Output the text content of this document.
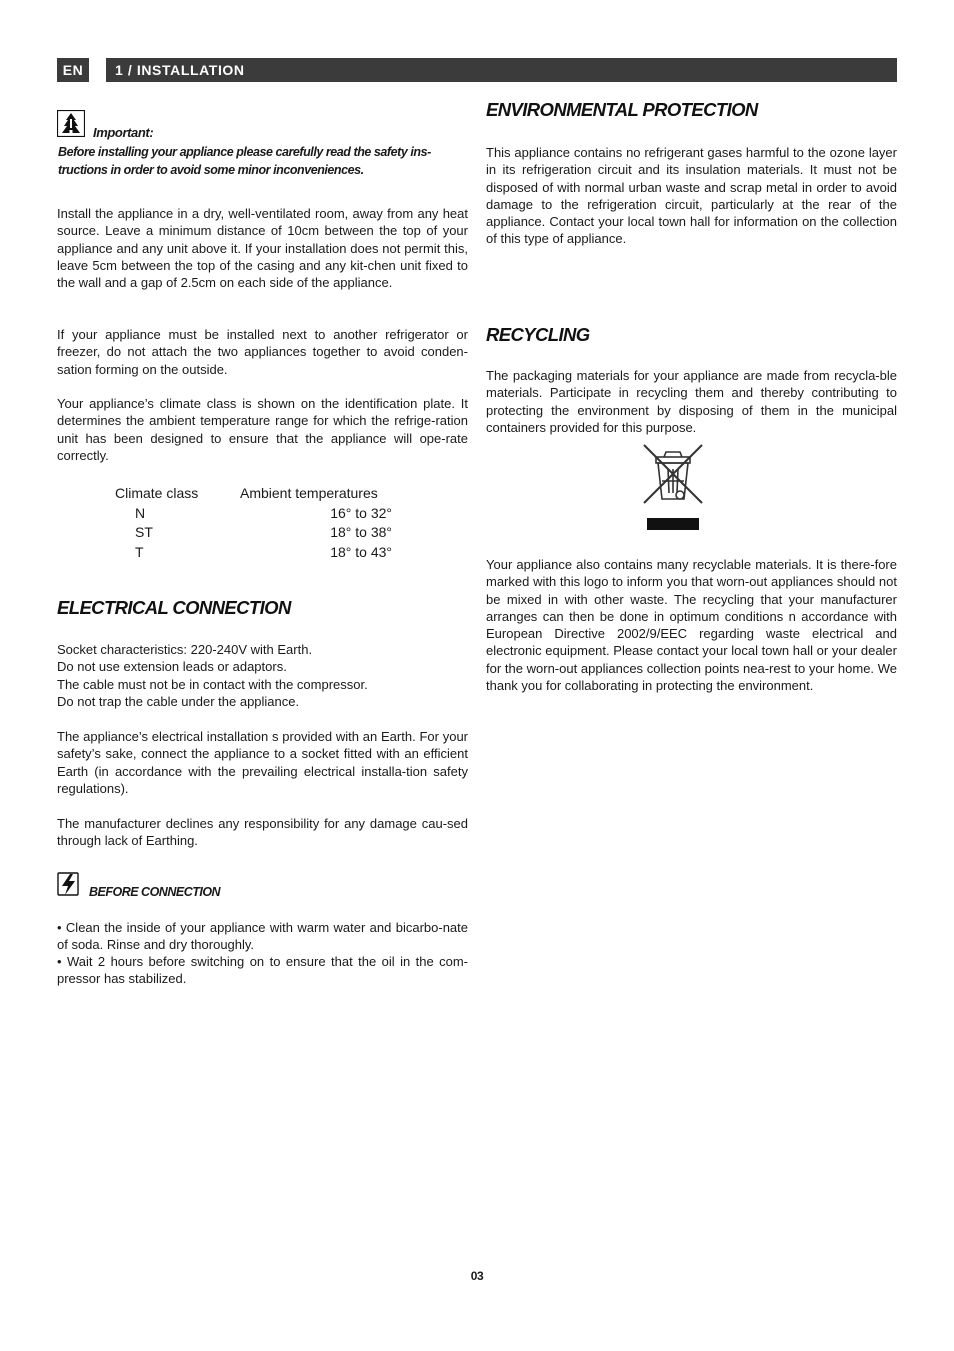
EN	1 / INSTALLATION
Important:

Before installing your appliance please carefully read the safety ins-tructions in order to avoid some minor inconveniences.

Install the appliance in a dry, well-ventilated room, away from any heat source. Leave a minimum distance of 10cm between the top of your appliance and any unit above it. If your installation does not permit this, leave 5cm between the top of the casing and any kit-chen unit fixed to the wall and a gap of 2.5cm on each side of the appliance.

If your appliance must be installed next to another refrigerator or freezer, do not attach the two appliances together to avoid conden-sation forming on the outside.

Your appliance’s climate class is shown on the identification plate. It determines the ambient temperature range for which the refrige-ration unit has been designed to ensure that the appliance will ope-rate correctly.

Climate class	Ambient temperatures
N	16° to 32°
ST	18° to 38°
T	18° to 43°
ELECTRICAL CONNECTION
Socket characteristics: 220-240V with Earth.
Do not use extension leads or adaptors.
The cable must not be in contact with the compressor.
Do not trap the cable under the appliance.

The appliance’s electrical installation s provided with an Earth. For your safety’s sake, connect the appliance to a socket fitted with an efficient Earth (in accordance with the prevailing electrical installa-tion safety regulations).

The manufacturer declines any responsibility for any damage cau-sed through lack of Earthing.

BEFORE CONNECTION

• Clean the inside of your appliance with warm water and bicarbo-nate of soda. Rinse and dry thoroughly.

• Wait 2 hours before switching on to ensure that the oil in the com-pressor has stabilized.

ENVIRONMENTAL PROTECTION

This appliance contains no refrigerant gases harmful to the ozone layer in its refrigeration circuit and its insulation materials. It must not be disposed of with normal urban waste and scrap metal in order to avoid damage to the refrigeration circuit, particularly at the rear of the appliance. Contact your local town hall for information on the collection of this type of appliance.

RECYCLING

The packaging materials for your appliance are made from recycla-ble materials. Participate in recycling them and thereby contributing to protecting the environment by disposing of them in the municipal containers provided for this purpose.

Your appliance also contains many recyclable materials. It is there-fore marked with this logo to inform you that worn-out appliances should not be mixed in with other waste. The recycling that your manufacturer arranges can then be done in optimum conditions n accordance with European Directive 2002/9/EEC regarding waste electrical and electronic equipment. Please contact your local town hall or your dealer for the worn-out appliances collection points nea-rest to your home. We thank you for collaborating in protecting the environment.

03
